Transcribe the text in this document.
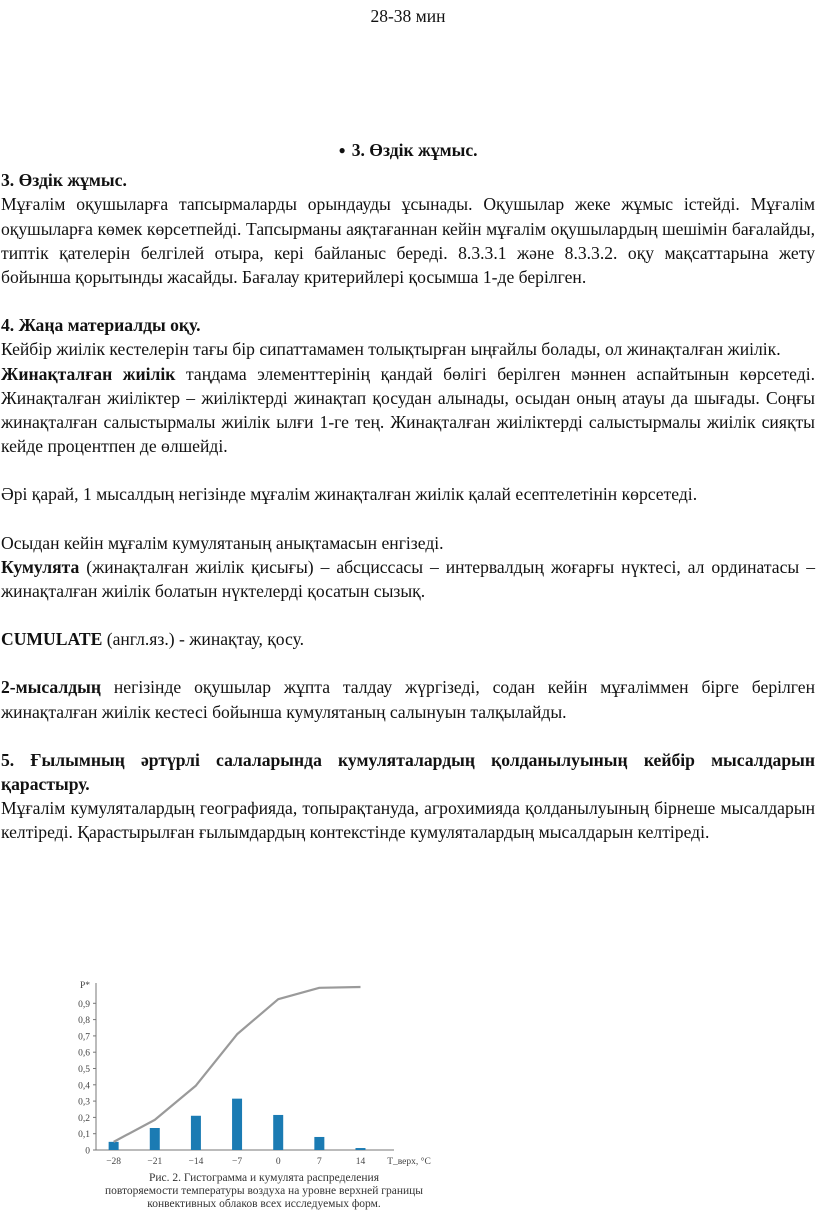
28-38 мин

● 3. Өздік жұмыс.

3. Өздік жұмыс.

Мұғалім оқушыларға тапсырмаларды орындауды ұсынады. Оқушылар жеке жұмыс істейді. Мұғалім оқушыларға көмек көрсетпейді. Тапсырманы аяқтағаннан кейін мұғалім оқушылардың шешімін бағалайды, типтік қателерін белгілей отыра, кері байланыс береді. 8.3.3.1 және 8.3.3.2. оқу мақсаттарына жету бойынша қорытынды жасайды. Бағалау критерийлері қосымша 1-де берілген.

4. Жаңа материалды оқу.

Кейбір жиілік кестелерін тағы бір сипаттамамен толықтырған ыңғайлы болады, ол жинақталған жиілік.

Жинақталған жиілік таңдама элементтерінің қандай бөлігі берілген мәннен аспайтынын көрсетеді. Жинақталған жиіліктер – жиіліктерді жинақтап қосудан алынады, осыдан оның атауы да шығады. Соңғы жинақталған салыстырмалы жиілік ылғи 1-ге тең. Жинақталған жиіліктерді салыстырмалы жиілік сияқты кейде процентпен де өлшейді.

Әрі қарай, 1 мысалдың негізінде мұғалім жинақталған жиілік қалай есептелетінін көрсетеді.

Осыдан кейін мұғалім кумулятаның анықтамасын енгізеді.

Кумулята (жинақталған жиілік қисығы) – абсциссасы – интервалдың жоғарғы нүктесі, ал ординатасы – жинақталған жиілік болатын нүктелерді қосатын сызық.

CUMULATE (англ.яз.) - жинақтау, қосу.

2-мысалдың негізінде оқушылар жұпта талдау жүргізеді, содан кейін мұғаліммен бірге берілген жинақталған жиілік кестесі бойынша кумулятаның салынуын талқылайды.

5. Ғылымның әртүрлі салаларында кумуляталардың қолданылуының кейбір мысалдарын қарастыру.

Мұғалім кумуляталардың географияда, топырақтануда, агрохимияда қолданылуының бірнеше мысалдарын келтіреді. Қарастырылған ғылымдардың контекстінде кумуляталардың мысалдарын келтіреді.

0
0,1
0,2
0,3
0,4
0,5
0,6
0,7
0,8
0,9
P*
−28	−21	−14	−7	0	7	14 T_верх, °C
Рис. 2. Гистограмма и кумулята распределения
повторяемости температуры воздуха на уровне верхней границы
конвективных облаков всех исследуемых форм.
